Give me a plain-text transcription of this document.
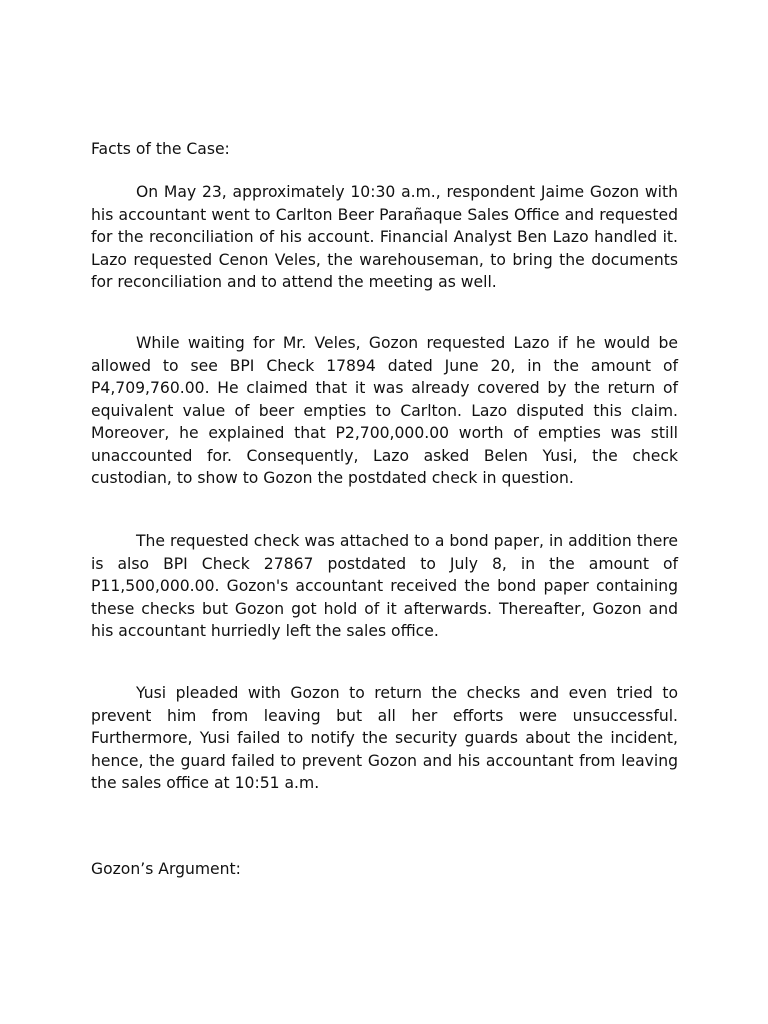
Facts of the Case:

On May 23, approximately 10:30 a.m., respondent Jaime Gozon with his accountant went to Carlton Beer Parañaque Sales Office and requested for the reconciliation of his account. Financial Analyst Ben Lazo handled it. Lazo requested Cenon Veles, the warehouseman, to bring the documents for reconciliation and to attend the meeting as well.

While waiting for Mr. Veles, Gozon requested Lazo if he would be allowed to see BPI Check 17894 dated June 20, in the amount of P4,709,760.00. He claimed that it was already covered by the return of equivalent value of beer empties to Carlton. Lazo disputed this claim. Moreover, he explained that P2,700,000.00 worth of empties was still unaccounted for. Consequently, Lazo asked Belen Yusi, the check custodian, to show to Gozon the postdated check in question.

The requested check was attached to a bond paper, in addition there is also BPI Check 27867 postdated to July 8, in the amount of P11,500,000.00. Gozon's accountant received the bond paper containing these checks but Gozon got hold of it afterwards. Thereafter, Gozon and his accountant hurriedly left the sales office.

Yusi pleaded with Gozon to return the checks and even tried to prevent him from leaving but all her efforts were unsuccessful. Furthermore, Yusi failed to notify the security guards about the incident, hence, the guard failed to prevent Gozon and his accountant from leaving the sales office at 10:51 a.m.

Gozon’s Argument:
